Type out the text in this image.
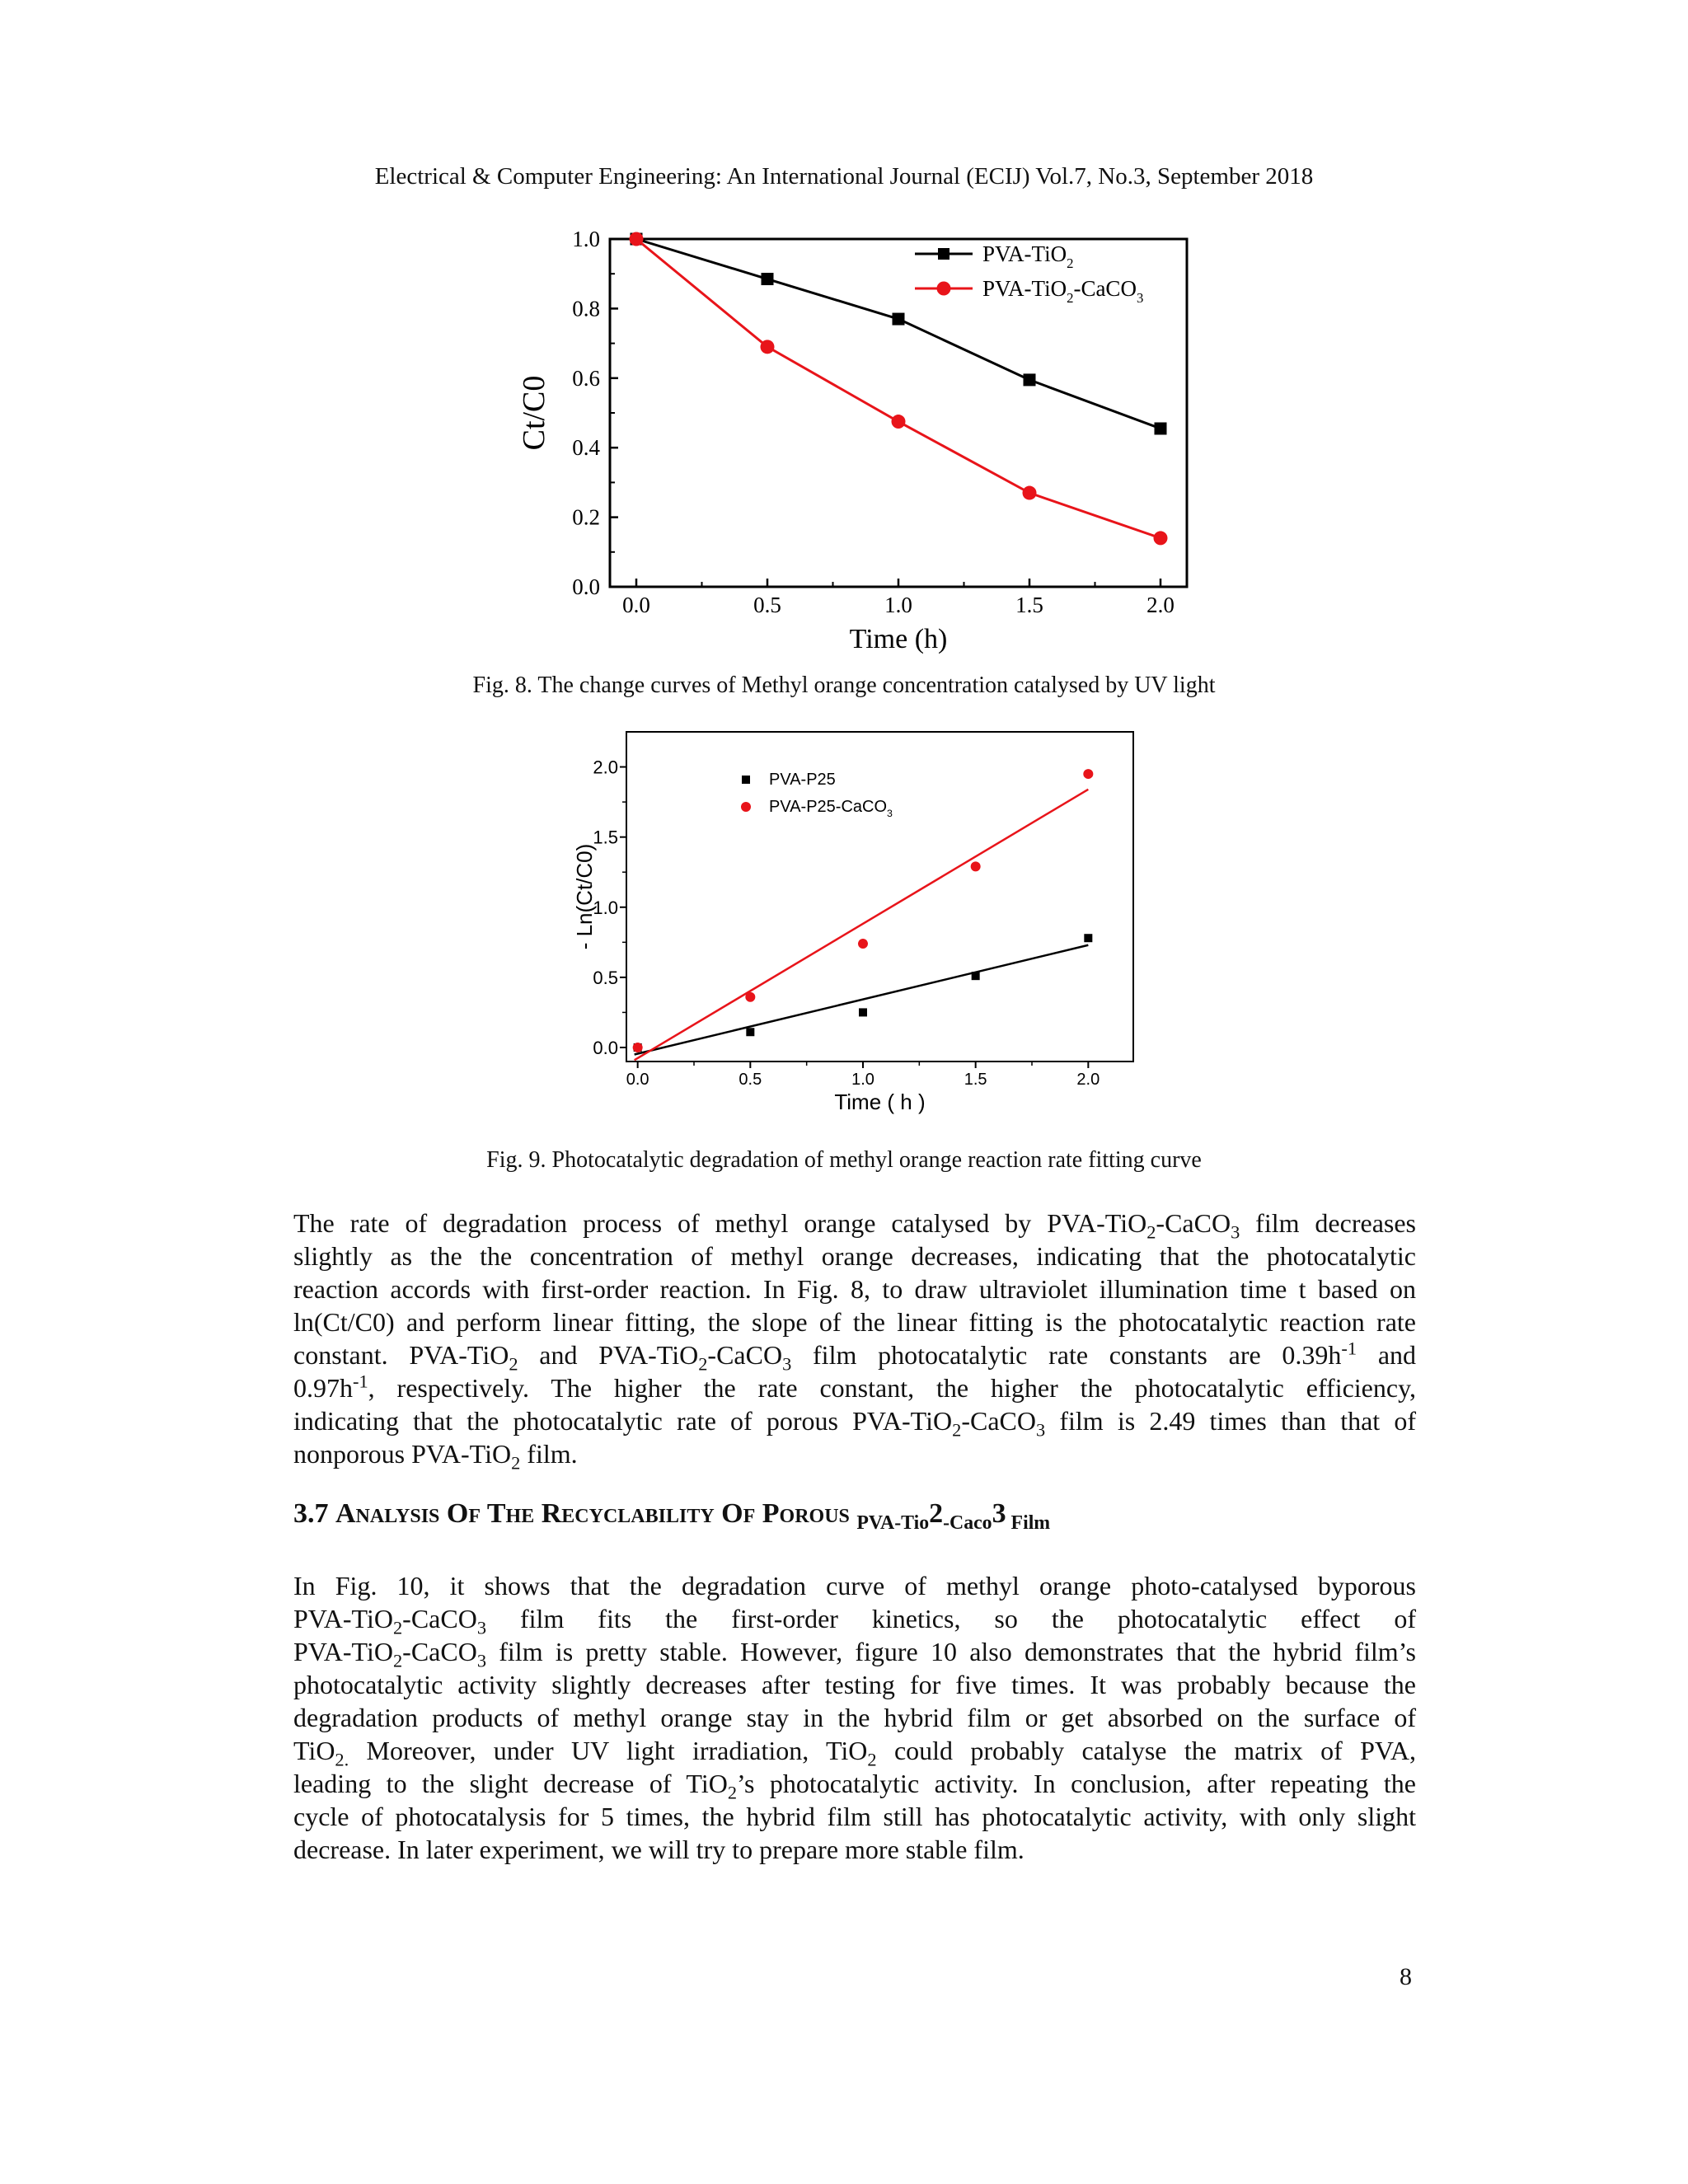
Electrical & Computer Engineering: An International Journal (ECIJ) Vol.7, No.3, September 2018
0.0	0.5	1.0	1.5	2.0
0.0
0.2
0.4
0.6
0.8
1.0
Time (h)
Ct/C0
PVA-TiO$_2$
PVA-TiO$_2$-CaCO$_3$
Fig. 8. The change curves of Methyl orange concentration catalysed by UV light
0.0	0.5	1.0	1.5	2.0
0.0
0.5
1.0
1.5
2.0
Time ( h )
- Ln(Ct/C0)
PVA-P25
PVA-P25-CaCO$_3$
Fig. 9. Photocatalytic degradation of methyl orange reaction rate fitting curve
The rate of degradation process of methyl orange catalysed by PVA-TiO$_2$-CaCO$_3$ film decreases
slightly as the the concentration of methyl orange decreases, indicating that the photocatalytic
reaction accords with first-order reaction. In Fig. 8, to draw ultraviolet illumination time t based on
ln(Ct/C0) and perform linear fitting, the slope of the linear fitting is the photocatalytic reaction rate
constant. PVA-TiO$_2$ and PVA-TiO$_2$-CaCO$_3$ film photocatalytic rate constants are $0.39h^{-1}$ and
$0.97h^{-1}$, respectively. The higher the rate constant, the higher the photocatalytic efficiency,
indicating that the photocatalytic rate of porous PVA-TiO$_2$-CaCO$_3$ film is 2.49 times than that of
nonporous PVA-TiO$_2$ film.
3.7 Analysis Of The Recyclability Of Porous $_{PVA-Tio}2_{-Caco}3$ $_{Film}$
In Fig. 10, it shows that the degradation curve of methyl orange photo-catalysed byporous
PVA-TiO$_2$-CaCO$_3$ film fits the first-order kinetics, so the photocatalytic effect of
PVA-TiO$_2$-CaCO$_3$ film is pretty stable. However, figure 10 also demonstrates that the hybrid film’s
photocatalytic activity slightly decreases after testing for five times. It was probably because the
degradation products of methyl orange stay in the hybrid film or get absorbed on the surface of
TiO$_{2.}$ Moreover, under UV light irradiation, TiO$_2$ could probably catalyse the matrix of PVA,
leading to the slight decrease of TiO$_2$’s photocatalytic activity. In conclusion, after repeating the
cycle of photocatalysis for 5 times, the hybrid film still has photocatalytic activity, with only slight
decrease. In later experiment, we will try to prepare more stable film.
8
